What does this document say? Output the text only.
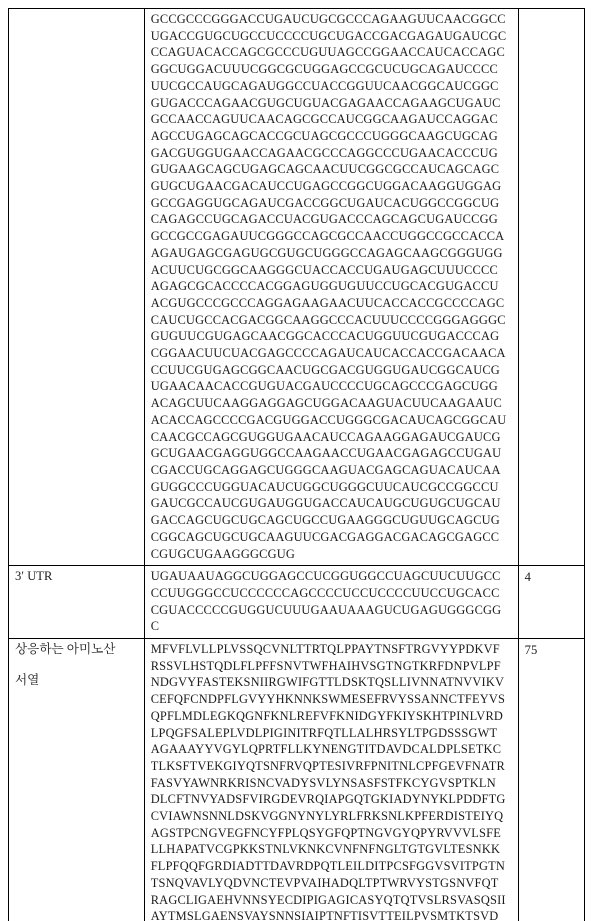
GCCGCCCGGGACCUGAUCUGCGCCCAGAAGUUCAACGGCC
UGACCGUGCUGCCUCCCCUGCUGACCGACGAGAUGAUCGC
CCAGUACACCAGCGCCCUGUUAGCCGGAACCAUCACCAGC
GGCUGGACUUUCGGCGCUGGAGCCGCUCUGCAGAUCCCC
UUCGCCAUGCAGAUGGCCUACCGGUUCAACGGCAUCGGC
GUGACCCAGAACGUGCUGUACGAGAACCAGAAGCUGAUC
GCCAACCAGUUCAACAGCGCCAUCGGCAAGAUCCAGGAC
AGCCUGAGCAGCACCGCUAGCGCCCUGGGCAAGCUGCAG
GACGUGGUGAACCAGAACGCCCAGGCCCUGAACACCCUG
GUGAAGCAGCUGAGCAGCAACUUCGGCGCCAUCAGCAGC
GUGCUGAACGACAUCCUGAGCCGGCUGGACAAGGUGGAG
GCCGAGGUGCAGAUCGACCGGCUGAUCACUGGCCGGCUG
CAGAGCCUGCAGACCUACGUGACCCAGCAGCUGAUCCGG
GCCGCCGAGAUUCGGGCCAGCGCCAACCUGGCCGCCACCA
AGAUGAGCGAGUGCGUGCUGGGCCAGAGCAAGCGGGUGG
ACUUCUGCGGCAAGGGCUACCACCUGAUGAGCUUUCCCC
AGAGCGCACCCCACGGAGUGGUGUUCCUGCACGUGACCU
ACGUGCCCGCCCAGGAGAAGAACUUCACCACCGCCCCAGC
CAUCUGCCACGACGGCAAGGCCCACUUUCCCCGGGAGGGC
GUGUUCGUGAGCAACGGCACCCACUGGUUCGUGACCCAG
CGGAACUUCUACGAGCCCCAGAUCAUCACCACCGACAACA
CCUUCGUGAGCGGCAACUGCGACGUGGUGAUCGGCAUCG
UGAACAACACCGUGUACGAUCCCCUGCAGCCCGAGCUGG
ACAGCUUCAAGGAGGAGCUGGACAAGUACUUCAAGAAUC
ACACCAGCCCCGACGUGGACCUGGGCGACAUCAGCGGCAU
CAACGCCAGCGUGGUGAACAUCCAGAAGGAGAUCGAUCG
GCUGAACGAGGUGGCCAAGAACCUGAACGAGAGCCUGAU
CGACCUGCAGGAGCUGGGCAAGUACGAGCAGUACAUCAA
GUGGCCCUGGUACAUCUGGCUGGGCUUCAUCGCCGGCCU
GAUCGCCAUCGUGAUGGUGACCAUCAUGCUGUGCUGCAU
GACCAGCUGCUGCAGCUGCCUGAAGGGCUGUUGCAGCUG
CGGCAGCUGCUGCAAGUUCGACGAGGACGACAGCGAGCC
CGUGCUGAAGGGCGUG

3′ UTR	UGAUAAUAGGCUGGAGCCUCGGUGGCCUAGCUUCUUGCC
CCUUGGGCCUCCCCCCAGCCCCUCCUCCCCUUCCUGCACC
CGUACCCCCGUGGUCUUUGAAUAAAGUCUGAGUGGGCGG
C	4

상응하는 아미노산
서열

MFVFLVLLPLVSSQCVNLTTRTQLPPAYTNSFTRGVYYPDKVF
RSSVLHSTQDLFLPFFSNVTWFHAIHVSGTNGTKRFDNPVLPF
NDGVYFASTEKSNIIRGWIFGTTLDSKTQSLLIVNNATNVVIKV
CEFQFCNDPFLGVYYHKNNKSWMESEFRVYSSANNCTFEYVS
QPFLMDLEGKQGNFKNLREFVFKNIDGYFKIYSKHTPINLVRD
LPQGFSALEPLVDLPIGINITRFQTLLALHRSYLTPGDSSSGWT
AGAAAYYVGYLQPRTFLLKYNENGTITDAVDCALDPLSETKC
TLKSFTVEKGIYQTSNFRVQPTESIVRFPNITNLCPFGEVFNATR
FASVYAWNRKRISNCVADYSVLYNSASFSTFKCYGVSPTKLN
DLCFTNVYADSFVIRGDEVRQIAPGQTGKIADYNYKLPDDFTG
CVIAWNSNNLDSKVGGNYNYLYRLFRKSNLKPFERDISTEIYQ
AGSTPCNGVEGFNCYFPLQSYGFQPTNGVGYQPYRVVVLSFE
LLHAPATVCGPKKSTNLVKNKCVNFNFNGLTGTGVLTESNKK
FLPFQQFGRDIADTTDAVRDPQTLEILDITPCSFGGVSVITPGTN
TSNQVAVLYQDVNCTEVPVAIHADQLTPTWRVYSTGSNVFQT
RAGCLIGAEHVNNSYECDIPIGAGICASYQTQTVSLRSVASQSII
AYTMSLGAENSVAYSNNSIAIPTNFTISVTTEILPVSMTKTSVD
	75
